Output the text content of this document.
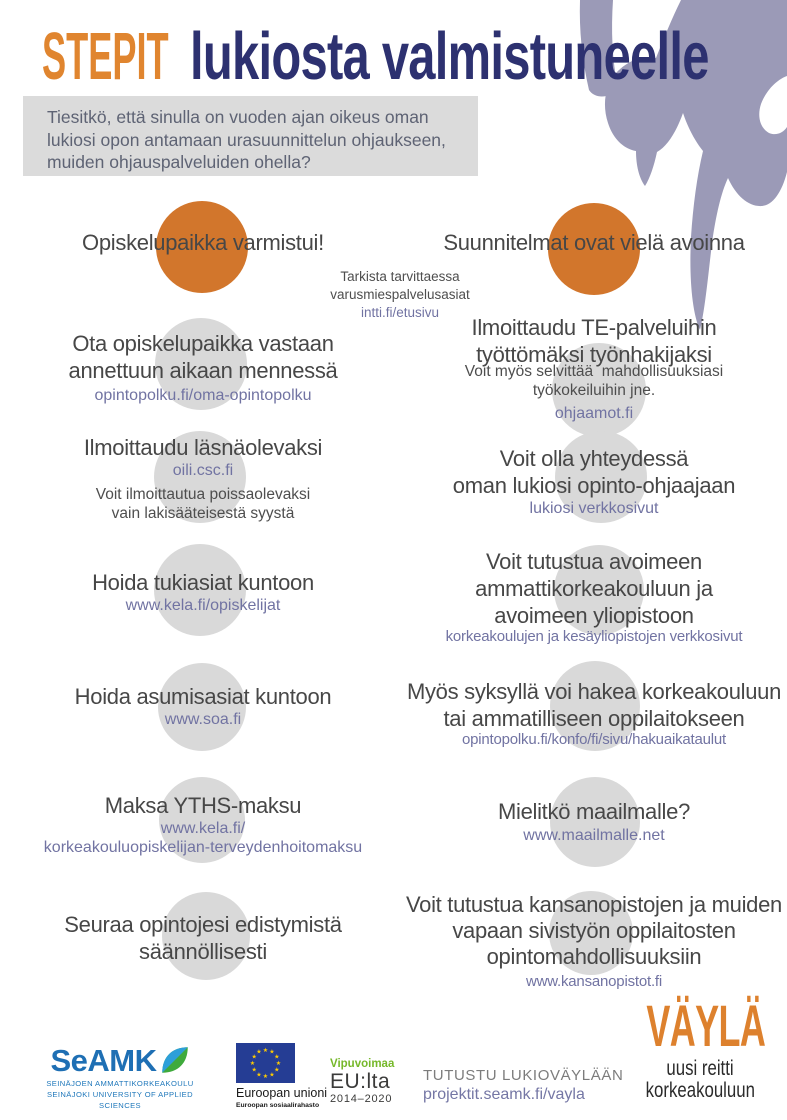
STEPIT lukiosta valmistuneelle
Tiesitkö, että sinulla on vuoden ajan oikeus oman
lukiosi opon antamaan urasuunnittelun ohjaukseen,
muiden ohjauspalveluiden ohella?
Tarkista tarvittaessa
varusmiespalvelusasiat
intti.fi/etusivu
Opiskelupaikka varmistui!
Ota opiskelupaikka vastaan
annettuun aikaan mennessä
opintopolku.fi/oma-opintopolku
Ilmoittaudu läsnäolevaksi
oili.csc.fi
Voit ilmoittautua poissaolevaksi
vain lakisääteisestä syystä
Hoida tukiasiat kuntoon
www.kela.fi/opiskelijat
Hoida asumisasiat kuntoon
www.soa.fi
Maksa YTHS-maksu
www.kela.fi/
korkeakouluopiskelijan-terveydenhoitomaksu
Seuraa opintojesi edistymistä
säännöllisesti
Suunnitelmat ovat vielä avoinna
Ilmoittaudu TE-palveluihin
työttömäksi työnhakijaksi
Voit myös selvittää  mahdollisuuksiasi
työkokeiluihin jne.
ohjaamot.fi
Voit olla yhteydessä
oman lukiosi opinto-ohjaajaan
lukiosi verkkosivut
Voit tutustua avoimeen
ammattikorkeakouluun ja
avoimeen yliopistoon
korkeakoulujen ja kesäyliopistojen verkkosivut
Myös syksyllä voi hakea korkeakouluun
tai ammatilliseen oppilaitokseen
opintopolku.fi/konfo/fi/sivu/hakuaikataulut
Mielitkö maailmalle?
www.maailmalle.net
Voit tutustua kansanopistojen ja muiden
vapaan sivistyön oppilaitosten
opintomahdollisuuksiin
www.kansanopistot.fi
SeAMK
SEINÄJOEN AMMATTIKORKEAKOULU
SEINÄJOKI UNIVERSITY OF APPLIED SCIENCES
★ ★
★
★
★
★
★
★
★
★
★
★
Euroopan unioni
Euroopan sosiaalirahasto
Vipuvoimaa
EU:lta
2014–2020
TUTUSTU LUKIOVÄYLÄÄN
projektit.seamk.fi/vayla
VÄYLÄ
uusi reitti
korkeakouluun
